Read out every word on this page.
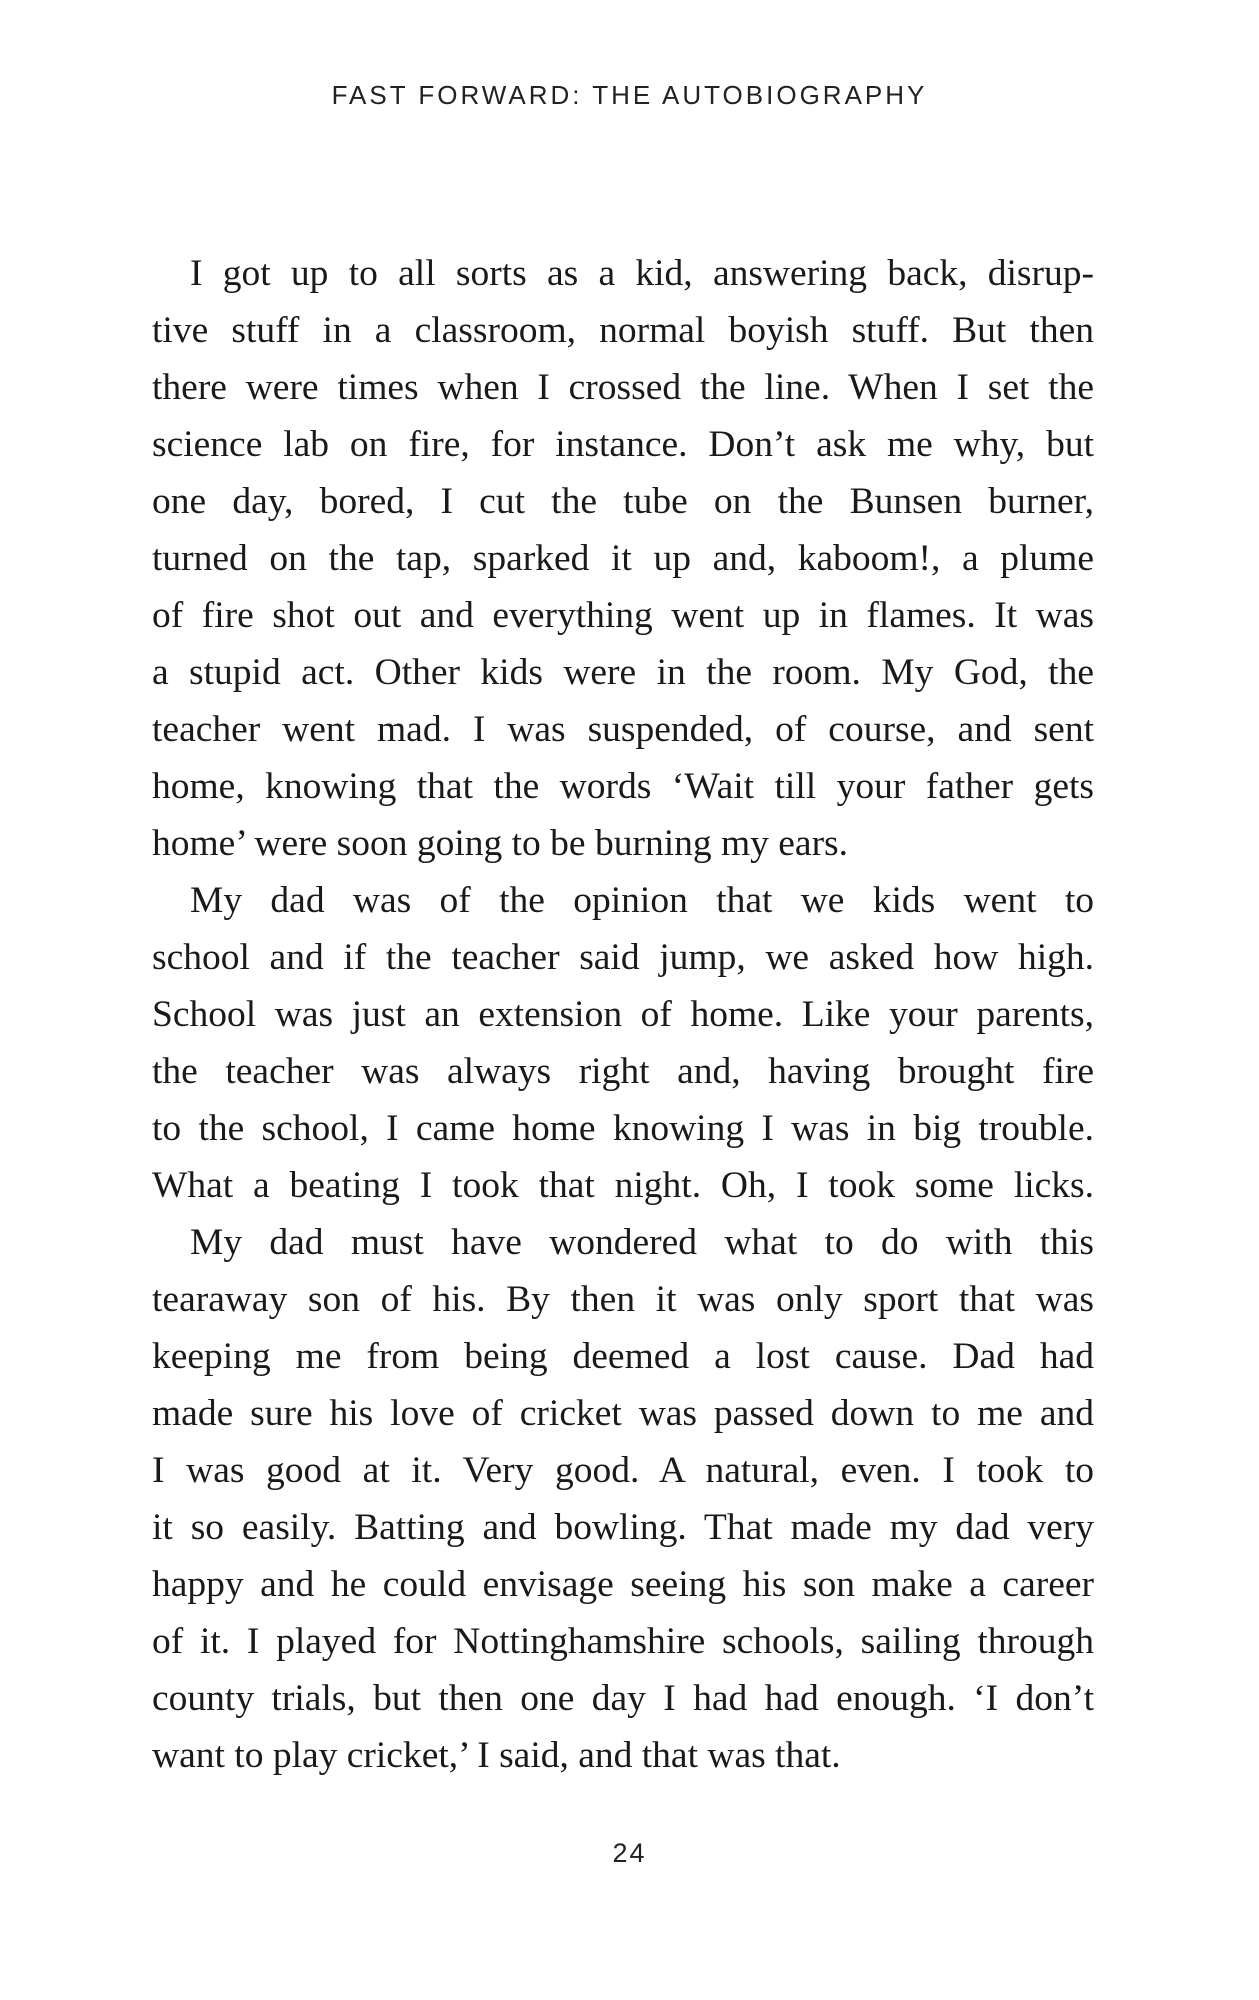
FAST FORWARD: THE AUTOBIOGRAPHY
I got up to all sorts as a kid, answering back, disrup-
tive stuff in a classroom, normal boyish stuff. But then
there were times when I crossed the line. When I set the
science lab on fire, for instance. Don’t ask me why, but
one day, bored, I cut the tube on the Bunsen burner,
turned on the tap, sparked it up and, kaboom!, a plume
of fire shot out and everything went up in flames. It was
a stupid act. Other kids were in the room. My God, the
teacher went mad. I was suspended, of course, and sent
home, knowing that the words ‘Wait till your father gets
home’ were soon going to be burning my ears.
My dad was of the opinion that we kids went to
school and if the teacher said jump, we asked how high.
School was just an extension of home. Like your parents,
the teacher was always right and, having brought fire
to the school, I came home knowing I was in big trouble.
What a beating I took that night. Oh, I took some licks.
My dad must have wondered what to do with this
tearaway son of his. By then it was only sport that was
keeping me from being deemed a lost cause. Dad had
made sure his love of cricket was passed down to me and
I was good at it. Very good. A natural, even. I took to
it so easily. Batting and bowling. That made my dad very
happy and he could envisage seeing his son make a career
of it. I played for Nottinghamshire schools, sailing through
county trials, but then one day I had had enough. ‘I don’t
want to play cricket,’ I said, and that was that.
24
